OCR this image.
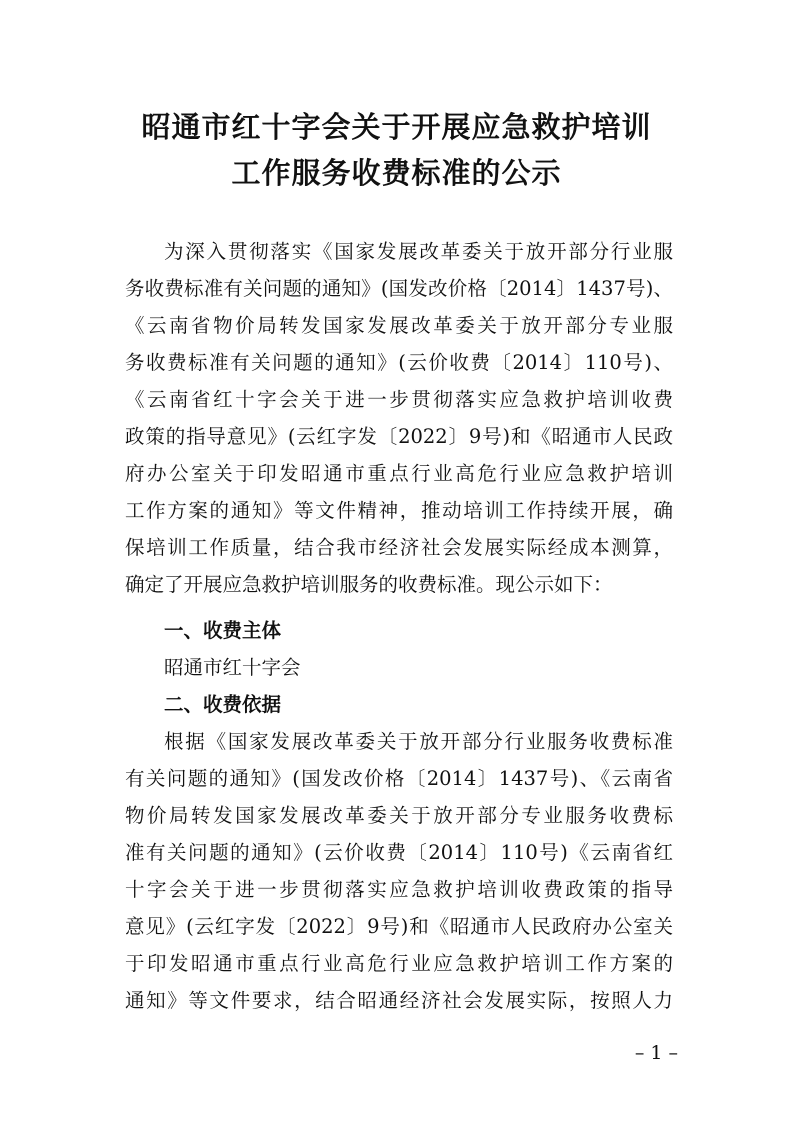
昭通市红十字会关于开展应急救护培训
工作服务收费标准的公示
为深入贯彻落实《国家发展改革委关于放开部分行业服
务收费标准有关问题的通知》(国发改价格〔2014〕1437号)、
《云南省物价局转发国家发展改革委关于放开部分专业服
务收费标准有关问题的通知》(云价收费〔2014〕110号)、
《云南省红十字会关于进一步贯彻落实应急救护培训收费
政策的指导意见》(云红字发〔2022〕9号)和《昭通市人民政
府办公室关于印发昭通市重点行业高危行业应急救护培训
工作方案的通知》等文件精神，推动培训工作持续开展，确
保培训工作质量，结合我市经济社会发展实际经成本测算，
确定了开展应急救护培训服务的收费标准。现公示如下：
一、收费主体
昭通市红十字会
二、收费依据
根据《国家发展改革委关于放开部分行业服务收费标准
有关问题的通知》(国发改价格〔2014〕1437号)、《云南省
物价局转发国家发展改革委关于放开部分专业服务收费标
准有关问题的通知》(云价收费〔2014〕110号)《云南省红
十字会关于进一步贯彻落实应急救护培训收费政策的指导
意见》(云红字发〔2022〕9号)和《昭通市人民政府办公室关
于印发昭通市重点行业高危行业应急救护培训工作方案的
通知》等文件要求，结合昭通经济社会发展实际，按照人力
– 1 –
